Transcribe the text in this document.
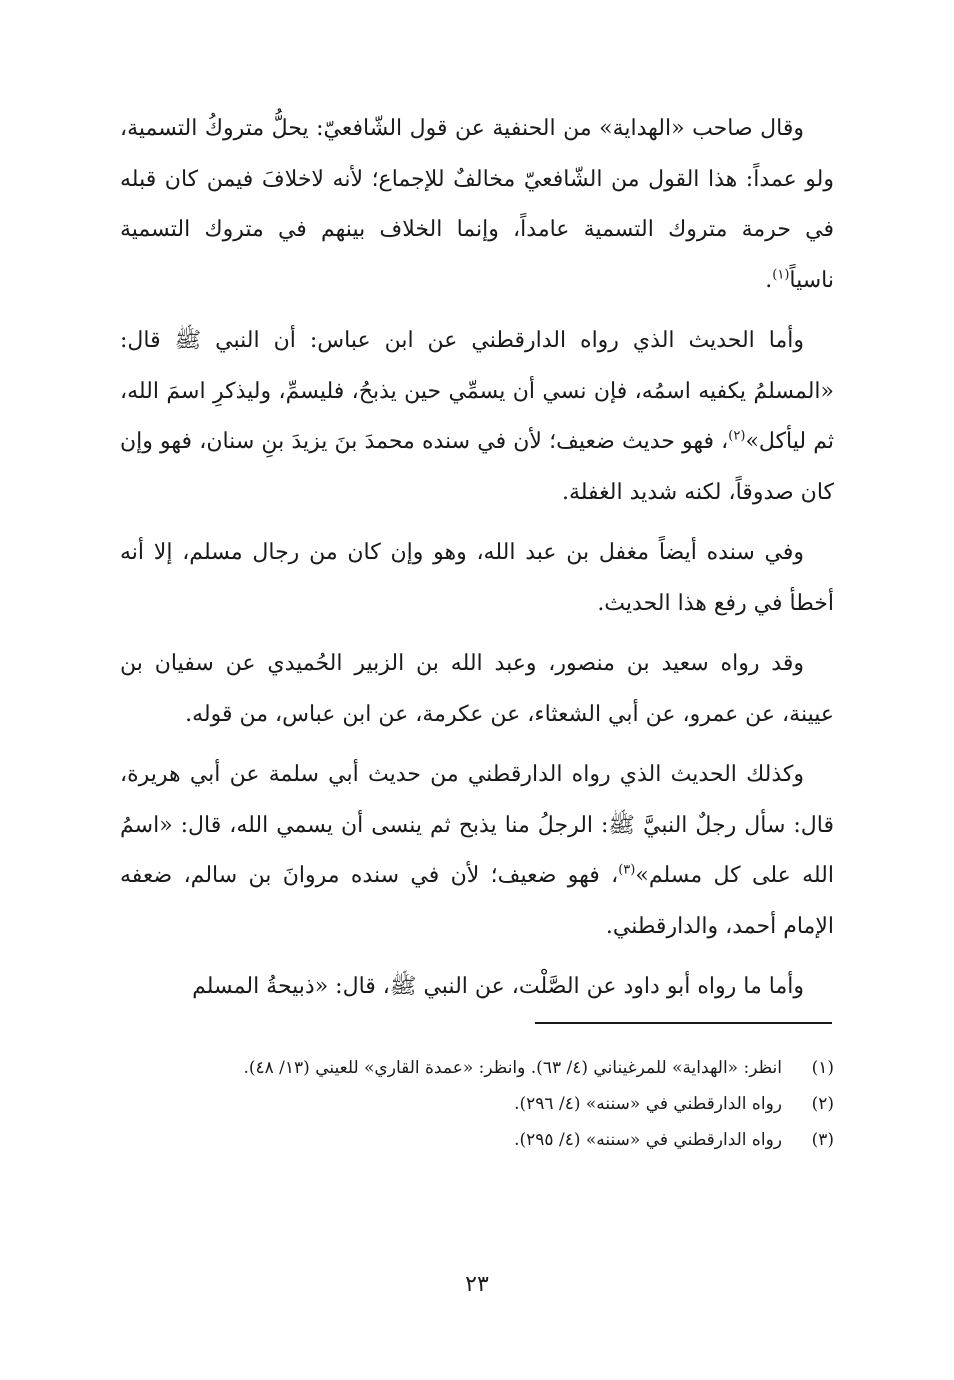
وقال صاحب «الهداية» من الحنفية عن قول الشّافعيّ: يحلُّ متروكُ التسمية، ولو عمداً: هذا القول من الشّافعيّ مخالفٌ للإجماع؛ لأنه لاخلافَ فيمن كان قبله في حرمة متروك التسمية عامداً، وإنما الخلاف بينهم في متروك التسمية ناسياً$^{(١)}$.

وأما الحديث الذي رواه الدارقطني عن ابن عباس: أن النبي ﷺ قال: «المسلمُ يكفيه اسمُه، فإن نسي أن يسمِّي حين يذبحُ، فليسمِّ، وليذكرِ اسمَ الله، ثم ليأكل»$^{(٢)}$، فهو حديث ضعيف؛ لأن في سنده محمدَ بنَ يزيدَ بنِ سنان، فهو وإن كان صدوقاً، لكنه شديد الغفلة.

وفي سنده أيضاً مغفل بن عبد الله، وهو وإن كان من رجال مسلم، إلا أنه أخطأ في رفع هذا الحديث.

وقد رواه سعيد بن منصور، وعبد الله بن الزبير الحُميدي عن سفيان بن عيينة، عن عمرو، عن أبي الشعثاء، عن عكرمة، عن ابن عباس، من قوله.

وكذلك الحديث الذي رواه الدارقطني من حديث أبي سلمة عن أبي هريرة، قال: سأل رجلٌ النبيَّ ﷺ: الرجلُ منا يذبح ثم ينسى أن يسمي الله، قال: «اسمُ الله على كل مسلم»$^{(٣)}$، فهو ضعيف؛ لأن في سنده مروانَ بن سالم، ضعفه الإمام أحمد، والدارقطني.

وأما ما رواه أبو داود عن الصَّلْت، عن النبي ﷺ، قال: «ذبيحةُ المسلم

(١)
انظر: «الهداية» للمرغيناني (٤/ ٦٣). وانظر: «عمدة القاري» للعيني (١٣/ ٤٨).
(٢)
رواه الدارقطني في «سننه» (٤/ ٢٩٦).
(٣)
رواه الدارقطني في «سننه» (٤/ ٢٩٥).
٢٣
